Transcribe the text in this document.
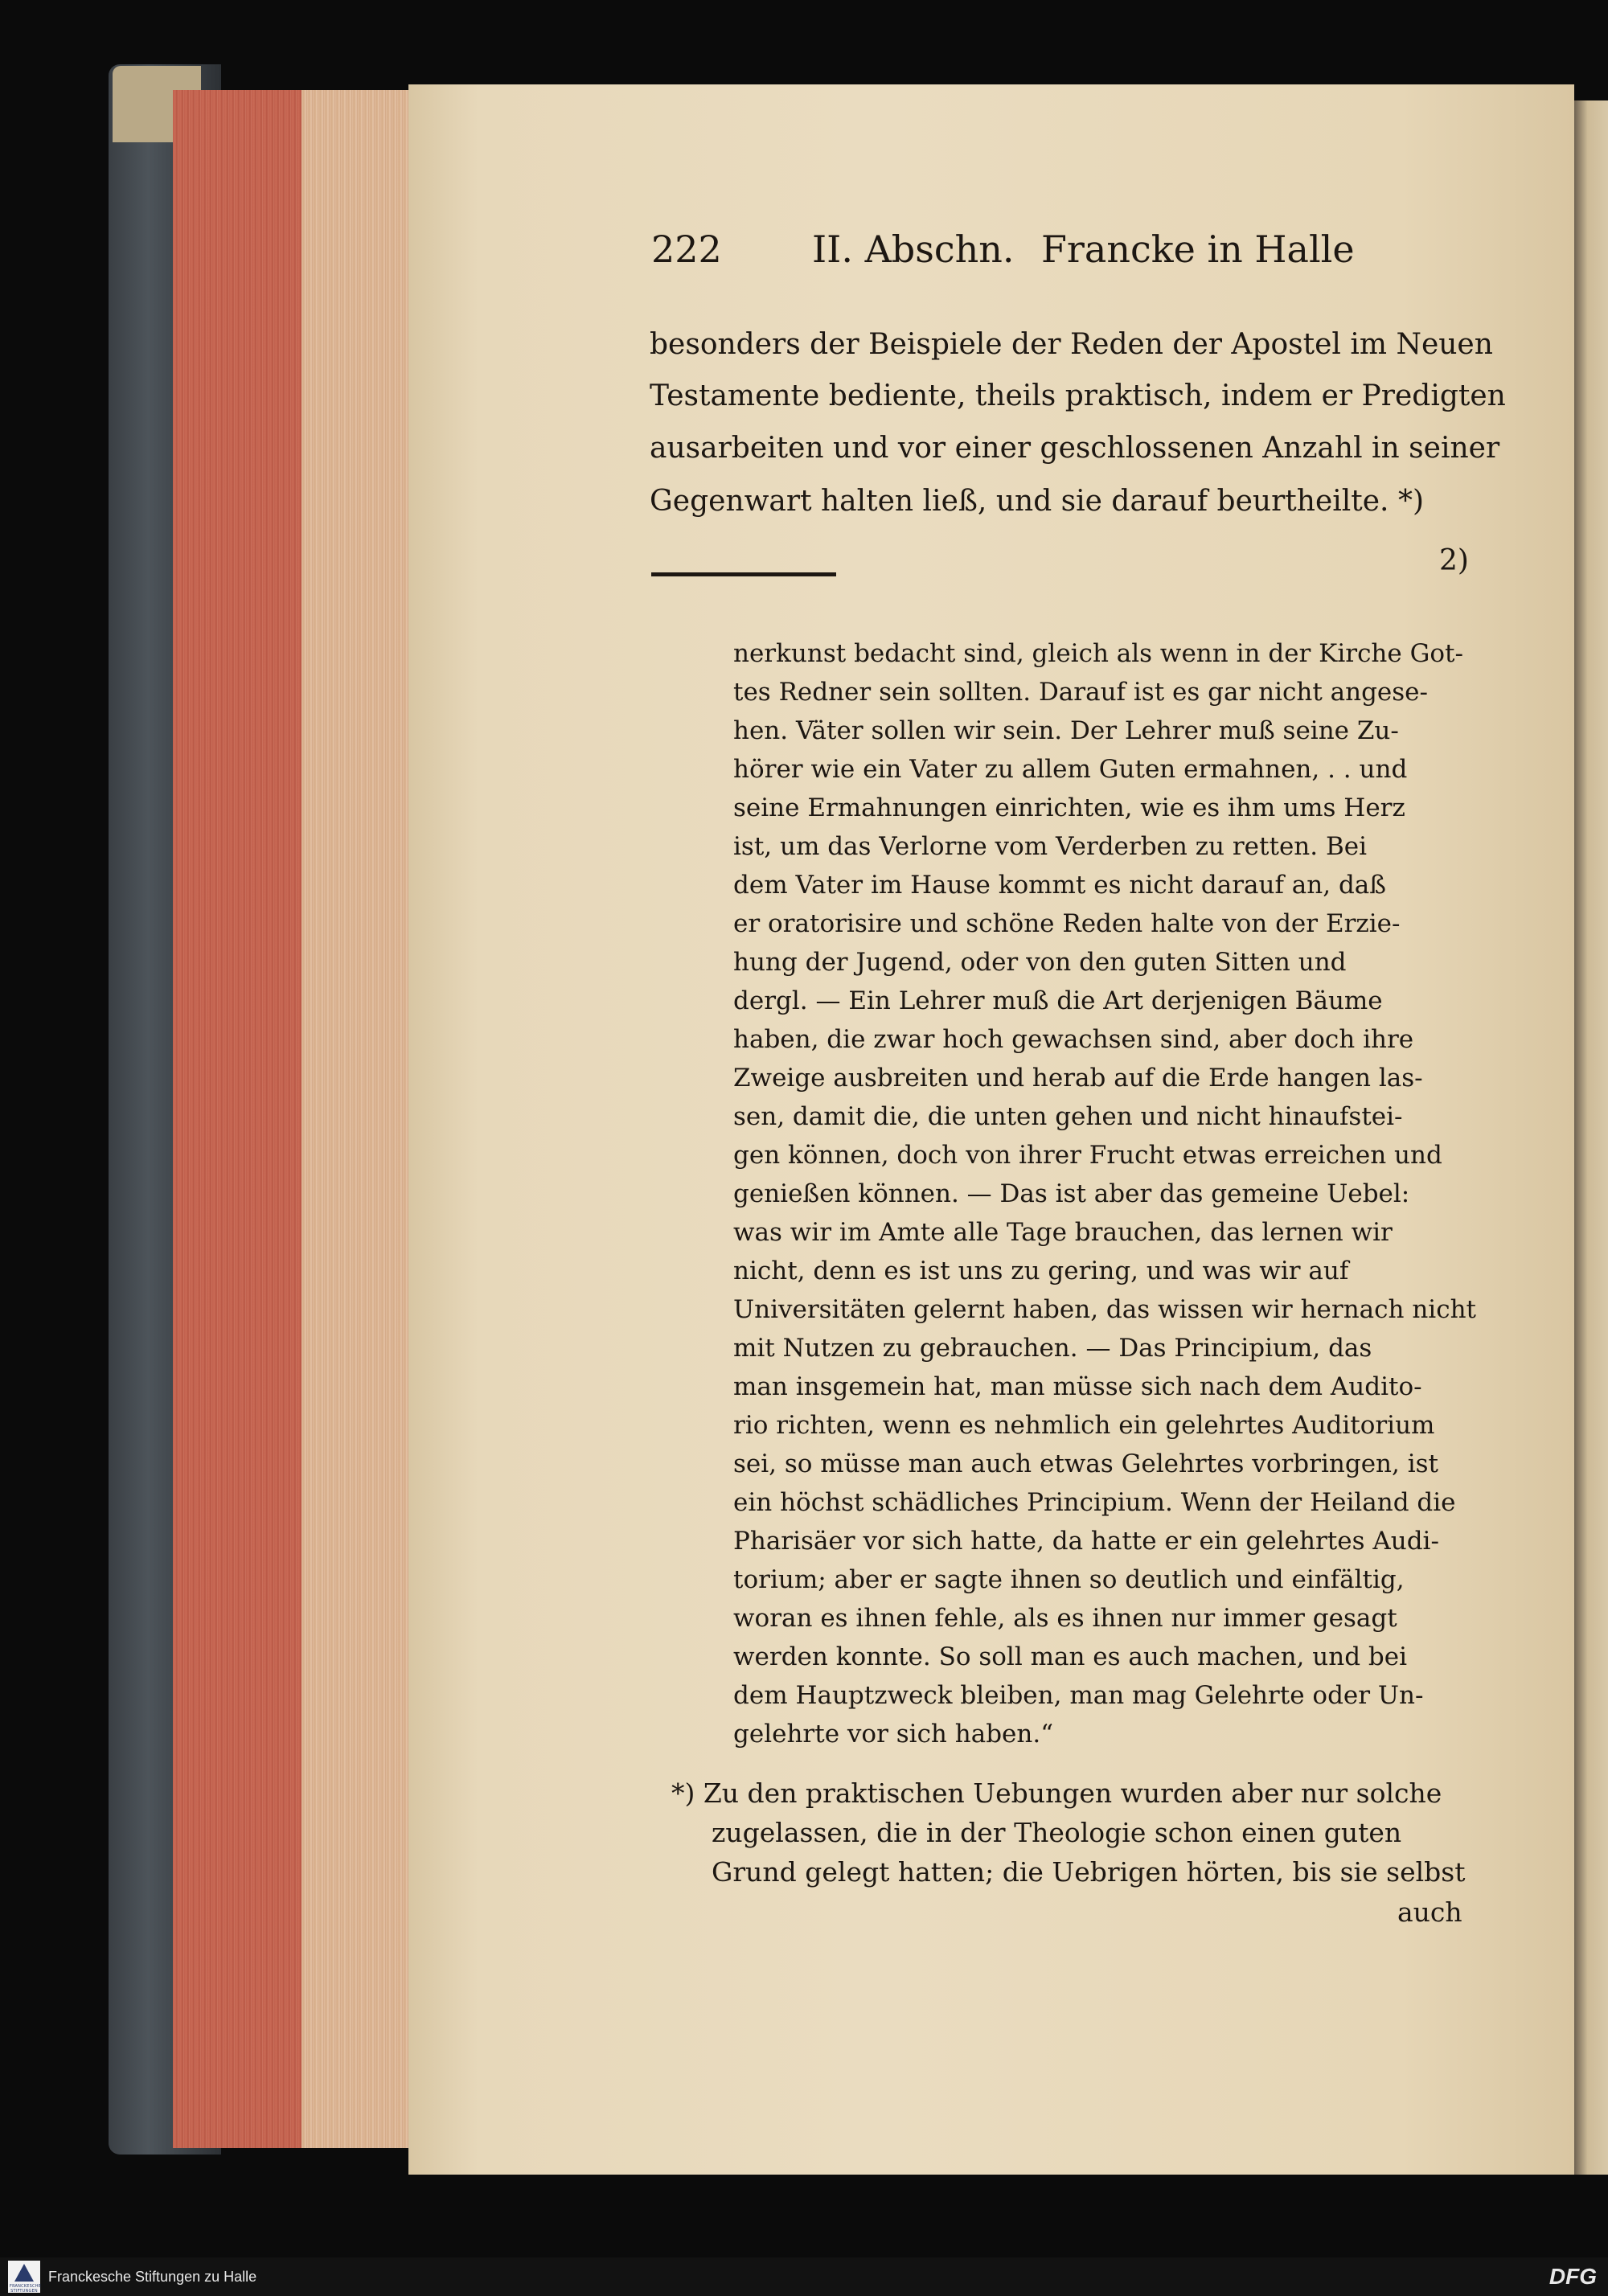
222 II. Abschn. Francke in Halle
besonders der Beispiele der Reden der Apostel im Neuen
Testamente bediente, theils praktisch, indem er Predigten
ausarbeiten und vor einer geschlossenen Anzahl in seiner
Gegenwart halten ließ, und sie darauf beurtheilte. *)
2)
nerkunst bedacht sind, gleich als wenn in der Kirche Got-
tes Redner sein sollten. Darauf ist es gar nicht angese-
hen. Väter sollen wir sein. Der Lehrer muß seine Zu-
hörer wie ein Vater zu allem Guten ermahnen, . . und
seine Ermahnungen einrichten, wie es ihm ums Herz
ist, um das Verlorne vom Verderben zu retten. Bei
dem Vater im Hause kommt es nicht darauf an, daß
er oratorisire und schöne Reden halte von der Erzie-
hung der Jugend, oder von den guten Sitten und
dergl. — Ein Lehrer muß die Art derjenigen Bäume
haben, die zwar hoch gewachsen sind, aber doch ihre
Zweige ausbreiten und herab auf die Erde hangen las-
sen, damit die, die unten gehen und nicht hinaufstei-
gen können, doch von ihrer Frucht etwas erreichen und
genießen können. — Das ist aber das gemeine Uebel:
was wir im Amte alle Tage brauchen, das lernen wir
nicht, denn es ist uns zu gering, und was wir auf
Universitäten gelernt haben, das wissen wir hernach nicht
mit Nutzen zu gebrauchen. — Das Principium, das
man insgemein hat, man müsse sich nach dem Audito-
rio richten, wenn es nehmlich ein gelehrtes Auditorium
sei, so müsse man auch etwas Gelehrtes vorbringen, ist
ein höchst schädliches Principium. Wenn der Heiland die
Pharisäer vor sich hatte, da hatte er ein gelehrtes Audi-
torium; aber er sagte ihnen so deutlich und einfältig,
woran es ihnen fehle, als es ihnen nur immer gesagt
werden konnte. So soll man es auch machen, und bei
dem Hauptzweck bleiben, man mag Gelehrte oder Un-
gelehrte vor sich haben.“
*) Zu den praktischen Uebungen wurden aber nur solche
zugelassen, die in der Theologie schon einen guten
Grund gelegt hatten; die Uebrigen hörten, bis sie selbst
auch
FRANCKESCHE STIFTUNGEN
Franckesche Stiftungen zu Halle	DFG
